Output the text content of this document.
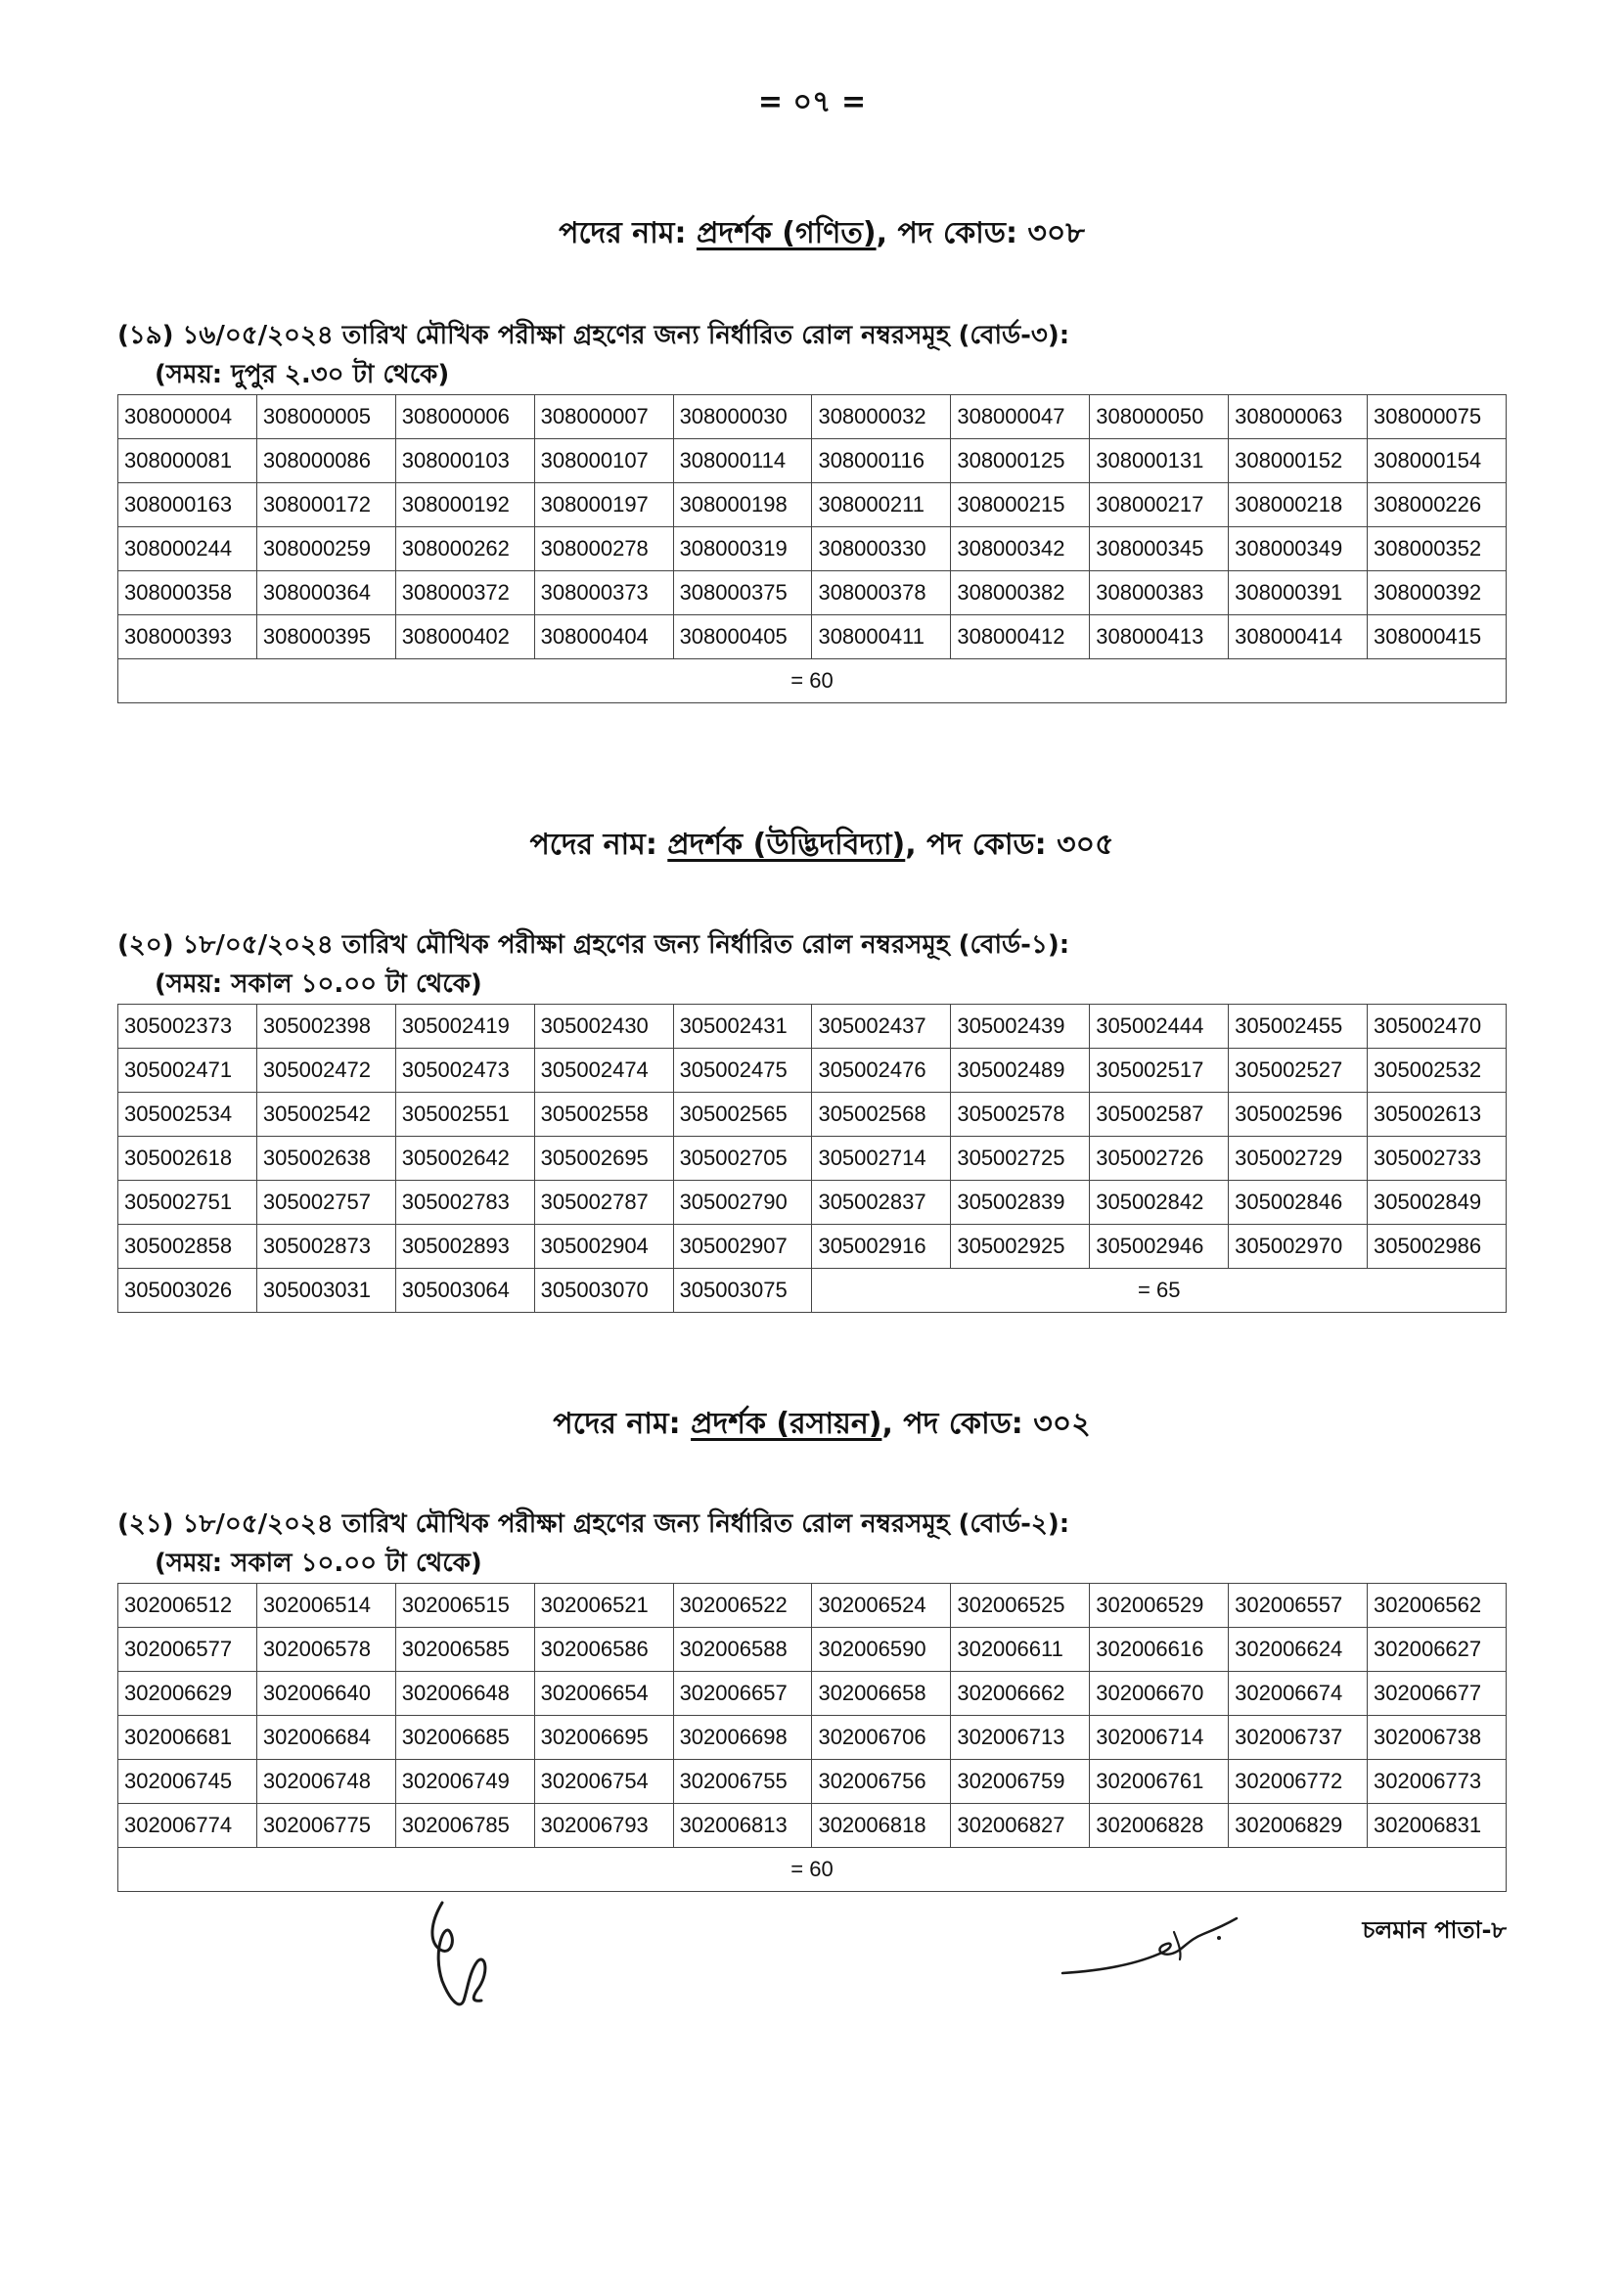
= ০৭ =
পদের নাম: প্রদর্শক (গণিত), পদ কোড: ৩০৮
(১৯) ১৬/০৫/২০২৪ তারিখ মৌখিক পরীক্ষা গ্রহণের জন্য নির্ধারিত রোল নম্বরসমূহ (বোর্ড-৩):
(সময়: দুপুর ২.৩০ টা থেকে)
308000004	308000005	308000006	308000007	308000030	308000032	308000047	308000050	308000063	308000075
308000081	308000086	308000103	308000107	308000114	308000116	308000125	308000131	308000152	308000154
308000163	308000172	308000192	308000197	308000198	308000211	308000215	308000217	308000218	308000226
308000244	308000259	308000262	308000278	308000319	308000330	308000342	308000345	308000349	308000352
308000358	308000364	308000372	308000373	308000375	308000378	308000382	308000383	308000391	308000392
308000393	308000395	308000402	308000404	308000405	308000411	308000412	308000413	308000414	308000415
= 60									
পদের নাম: প্রদর্শক (উদ্ভিদবিদ্যা), পদ কোড: ৩০৫
(২০) ১৮/০৫/২০২৪ তারিখ মৌখিক পরীক্ষা গ্রহণের জন্য নির্ধারিত রোল নম্বরসমূহ (বোর্ড-১):
(সময়: সকাল ১০.০০ টা থেকে)
305002373	305002398	305002419	305002430	305002431	305002437	305002439	305002444	305002455	305002470
305002471	305002472	305002473	305002474	305002475	305002476	305002489	305002517	305002527	305002532
305002534	305002542	305002551	305002558	305002565	305002568	305002578	305002587	305002596	305002613
305002618	305002638	305002642	305002695	305002705	305002714	305002725	305002726	305002729	305002733
305002751	305002757	305002783	305002787	305002790	305002837	305002839	305002842	305002846	305002849
305002858	305002873	305002893	305002904	305002907	305002916	305002925	305002946	305002970	305002986
305003026	305003031	305003064	305003070	305003075	= 65				
পদের নাম: প্রদর্শক (রসায়ন), পদ কোড: ৩০২
(২১) ১৮/০৫/২০২৪ তারিখ মৌখিক পরীক্ষা গ্রহণের জন্য নির্ধারিত রোল নম্বরসমূহ (বোর্ড-২):
(সময়: সকাল ১০.০০ টা থেকে)
302006512	302006514	302006515	302006521	302006522	302006524	302006525	302006529	302006557	302006562
302006577	302006578	302006585	302006586	302006588	302006590	302006611	302006616	302006624	302006627
302006629	302006640	302006648	302006654	302006657	302006658	302006662	302006670	302006674	302006677
302006681	302006684	302006685	302006695	302006698	302006706	302006713	302006714	302006737	302006738
302006745	302006748	302006749	302006754	302006755	302006756	302006759	302006761	302006772	302006773
302006774	302006775	302006785	302006793	302006813	302006818	302006827	302006828	302006829	302006831
= 60									
চলমান পাতা-৮
